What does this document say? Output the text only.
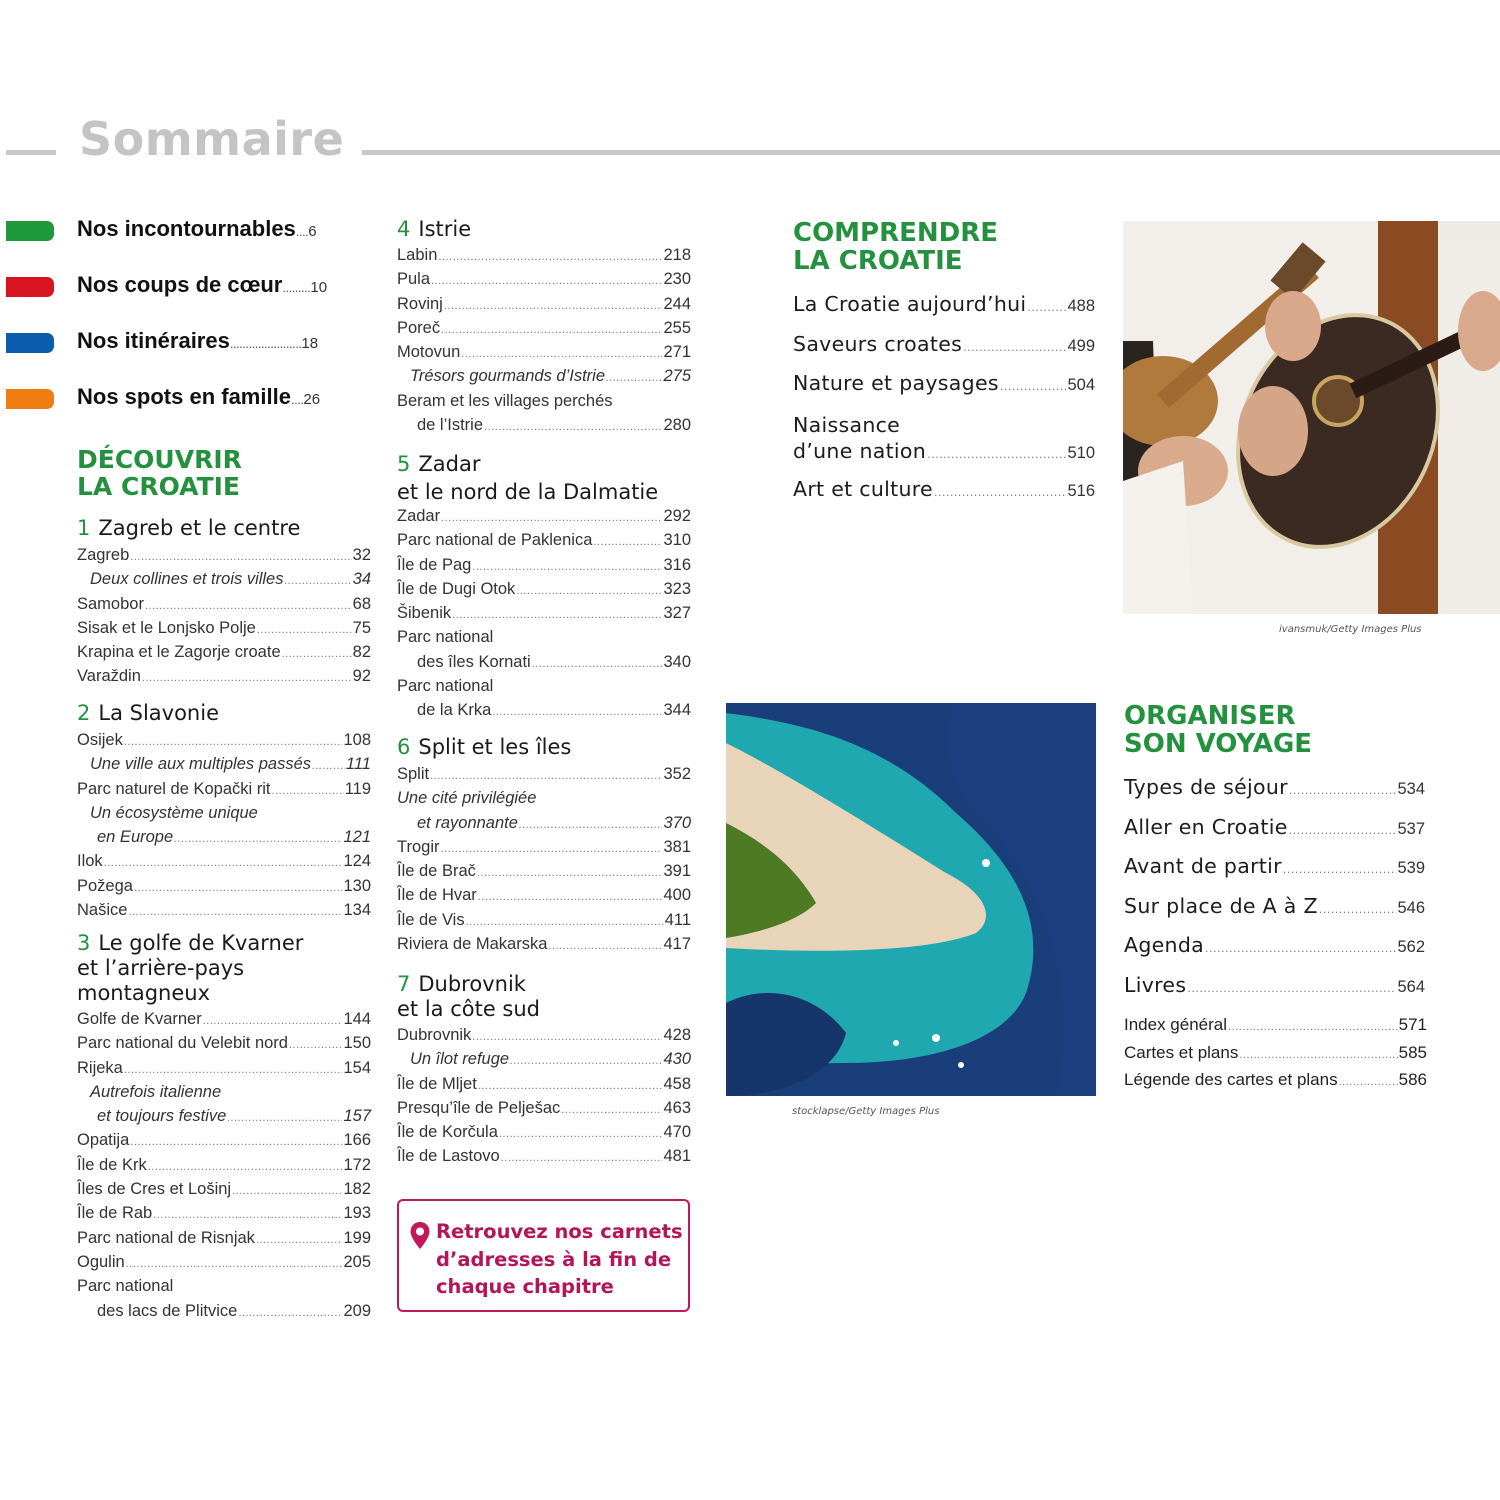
Sommaire
Nos incontournables....6
Nos coups de cœur.........10
Nos itinéraires.......................18
Nos spots en famille....26
DÉCOUVRIR
LA CROATIE
1 Zagreb et le centre
Zagreb .....	32
Deux collines et trois villes .....	34
Samobor .....	68
Sisak et le Lonjsko Polje .....	75
Krapina et le Zagorje croate .....	82
Varaždin .....	92
2 La Slavonie
Osijek .....	108
Une ville aux multiples passés ..... 111
Parc naturel de Kopački rit .....	119
Un écosystème unique
en Europe .....	121
Ilok .....	124
Požega .....	130
Našice .....	134
3 Le golfe de Kvarner
et l’arrière-pays
montagneux
Golfe de Kvarner .....	144
Parc national du Velebit nord .....	150
Rijeka .....	154
Autrefois italienne
et toujours festive .....	157
Opatija .....	166
Île de Krk .....	172
Îles de Cres et Lošinj .....	182
Île de Rab .....	193
Parc national de Risnjak .....	199
Ogulin .....	205
Parc national
des lacs de Plitvice .....	209
4 Istrie
Labin .....	218
Pula .....	230
Rovinj .....	244
Poreč .....	255
Motovun .....	271
Trésors gourmands d’Istrie .....	275
Beram et les villages perchés
de l’Istrie .....	280
5 Zadar
et le nord de la Dalmatie
Zadar .....	292
Parc national de Paklenica .....	310
Île de Pag .....	316
Île de Dugi Otok .....	323
Šibenik .....	327
Parc national
des îles Kornati .....	340
Parc national
de la Krka .....	344
6 Split et les îles
Split .....	352
Une cité privilégiée
et rayonnante .....	370
Trogir .....	381
Île de Brač .....	391
Île de Hvar .....	400
Île de Vis .....	411
Riviera de Makarska .....	417
7 Dubrovnik
et la côte sud
Dubrovnik .....	428
Un îlot refuge .....	430
Île de Mljet .....	458
Presqu’île de Pelješac .....	463
Île de Korčula .....	470
Île de Lastovo .....	481
Retrouvez nos carnets d’adresses à la fin de chaque chapitre
COMPRENDRE
LA CROATIE
La Croatie aujourd’hui ..... 488
Saveurs croates .....	499
Nature et paysages .....	504
Naissance
d’une nation .....	510
Art et culture .....	516
ivansmuk/Getty Images Plus
stocklapse/Getty Images Plus
ORGANISER
SON VOYAGE
Types de séjour .....	534
Aller en Croatie .....	537
Avant de partir .....	539
Sur place de A à Z .....	546
Agenda .....	562
Livres .....	564
Index général .....	571
Cartes et plans .....	585
Légende des cartes et plans .....	586
